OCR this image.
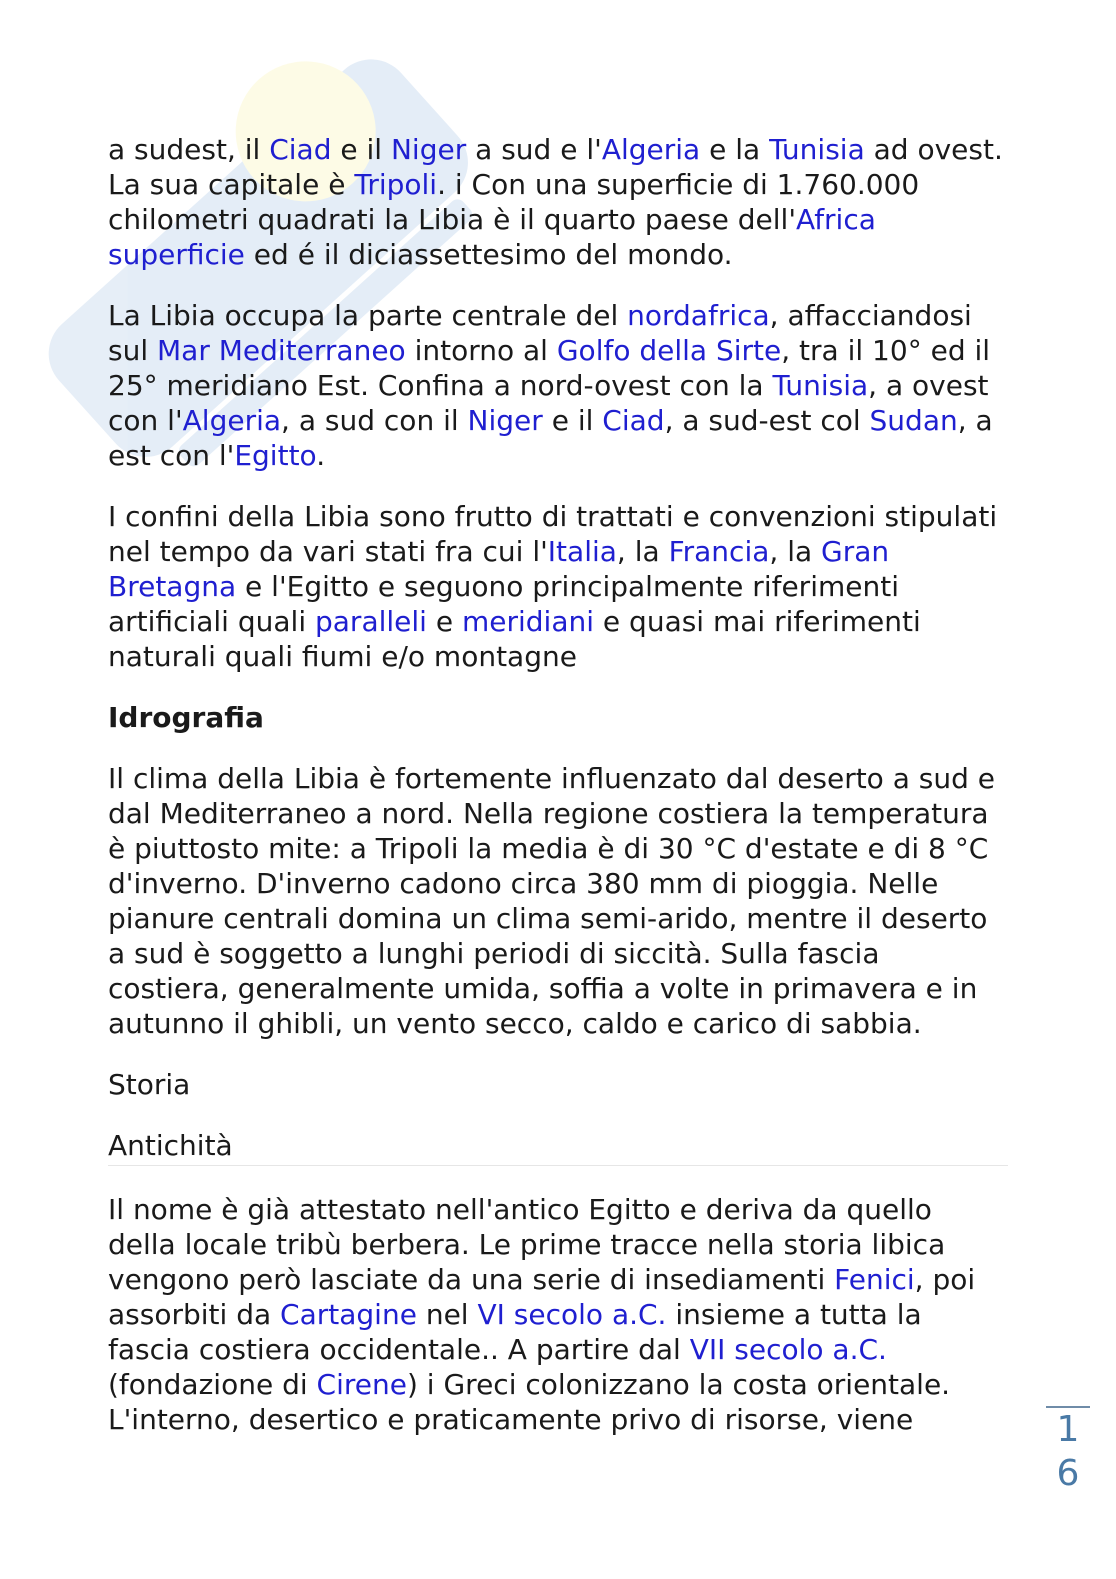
a sudest, il Ciad e il Niger a sud e l'Algeria e la Tunisia ad ovest. La sua capitale è Tripoli. i Con una superficie di 1.760.000 chilometri quadrati la Libia è il quarto paese dell'Africa superficie ed é il diciassettesimo del mondo.

La Libia occupa la parte centrale del nordafrica, affacciandosi sul Mar Mediterraneo intorno al Golfo della Sirte, tra il 10° ed il 25° meridiano Est. Confina a nord-ovest con la Tunisia, a ovest con l'Algeria, a sud con il Niger e il Ciad, a sud-est col Sudan, a est con l'Egitto.

I confini della Libia sono frutto di trattati e convenzioni stipulati nel tempo da vari stati fra cui l'Italia, la Francia, la Gran Bretagna e l'Egitto e seguono principalmente riferimenti artificiali quali paralleli e meridiani e quasi mai riferimenti naturali quali fiumi e/o montagne

Idrografia

Il clima della Libia è fortemente influenzato dal deserto a sud e dal Mediterraneo a nord. Nella regione costiera la temperatura è piuttosto mite: a Tripoli la media è di 30 °C d'estate e di 8 °C d'inverno. D'inverno cadono circa 380 mm di pioggia. Nelle pianure centrali domina un clima semi-arido, mentre il deserto a sud è soggetto a lunghi periodi di siccità. Sulla fascia costiera, generalmente umida, soffia a volte in primavera e in autunno il ghibli, un vento secco, caldo e carico di sabbia.

Storia

Antichità

Il nome è già attestato nell'antico Egitto e deriva da quello della locale tribù berbera. Le prime tracce nella storia libica vengono però lasciate da una serie di insediamenti Fenici, poi assorbiti da Cartagine nel VI secolo a.C. insieme a tutta la fascia costiera occidentale.. A partire dal VII secolo a.C. (fondazione di Cirene) i Greci colonizzano la costa orientale. L'interno, desertico e praticamente privo di risorse, viene	1
6
